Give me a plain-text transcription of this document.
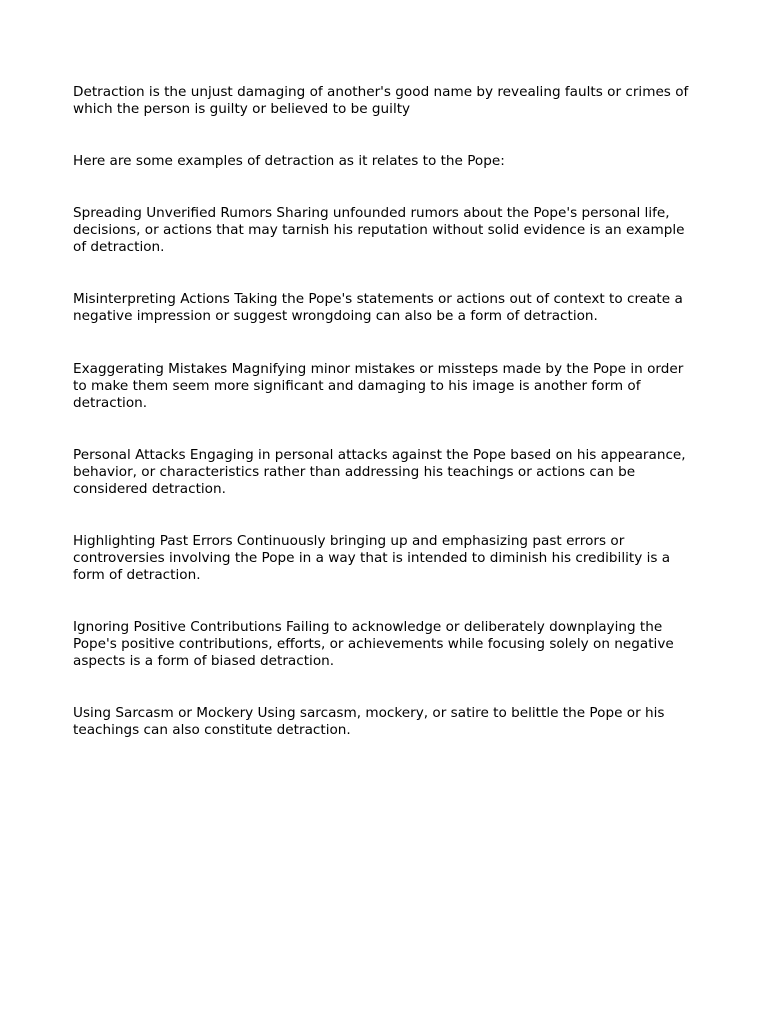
Detraction is the unjust damaging of another's good name by revealing faults or crimes of which the person is guilty or believed to be guilty

Here are some examples of detraction as it relates to the Pope:

Spreading Unverified Rumors Sharing unfounded rumors about the Pope's personal life, decisions, or actions that may tarnish his reputation without solid evidence is an example of detraction.

Misinterpreting Actions Taking the Pope's statements or actions out of context to create a negative impression or suggest wrongdoing can also be a form of detraction.

Exaggerating Mistakes Magnifying minor mistakes or missteps made by the Pope in order to make them seem more significant and damaging to his image is another form of detraction.

Personal Attacks Engaging in personal attacks against the Pope based on his appearance, behavior, or characteristics rather than addressing his teachings or actions can be considered detraction.

Highlighting Past Errors Continuously bringing up and emphasizing past errors or controversies involving the Pope in a way that is intended to diminish his credibility is a form of detraction.

Ignoring Positive Contributions Failing to acknowledge or deliberately downplaying the Pope's positive contributions, efforts, or achievements while focusing solely on negative aspects is a form of biased detraction.

Using Sarcasm or Mockery Using sarcasm, mockery, or satire to belittle the Pope or his teachings can also constitute detraction.
